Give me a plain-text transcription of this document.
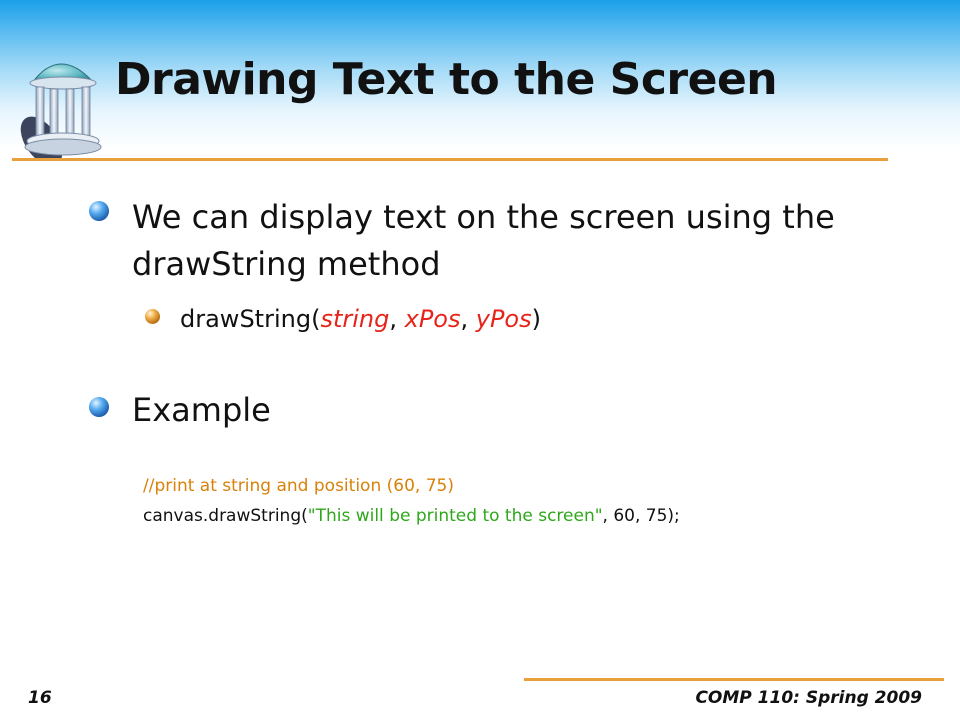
Drawing Text to the Screen
We can display text on the screen using the drawString method
drawString(string, xPos, yPos)
Example
//print at string and position (60, 75)
canvas.drawString("This will be printed to the screen", 60, 75);
16	COMP 110: Spring 2009
